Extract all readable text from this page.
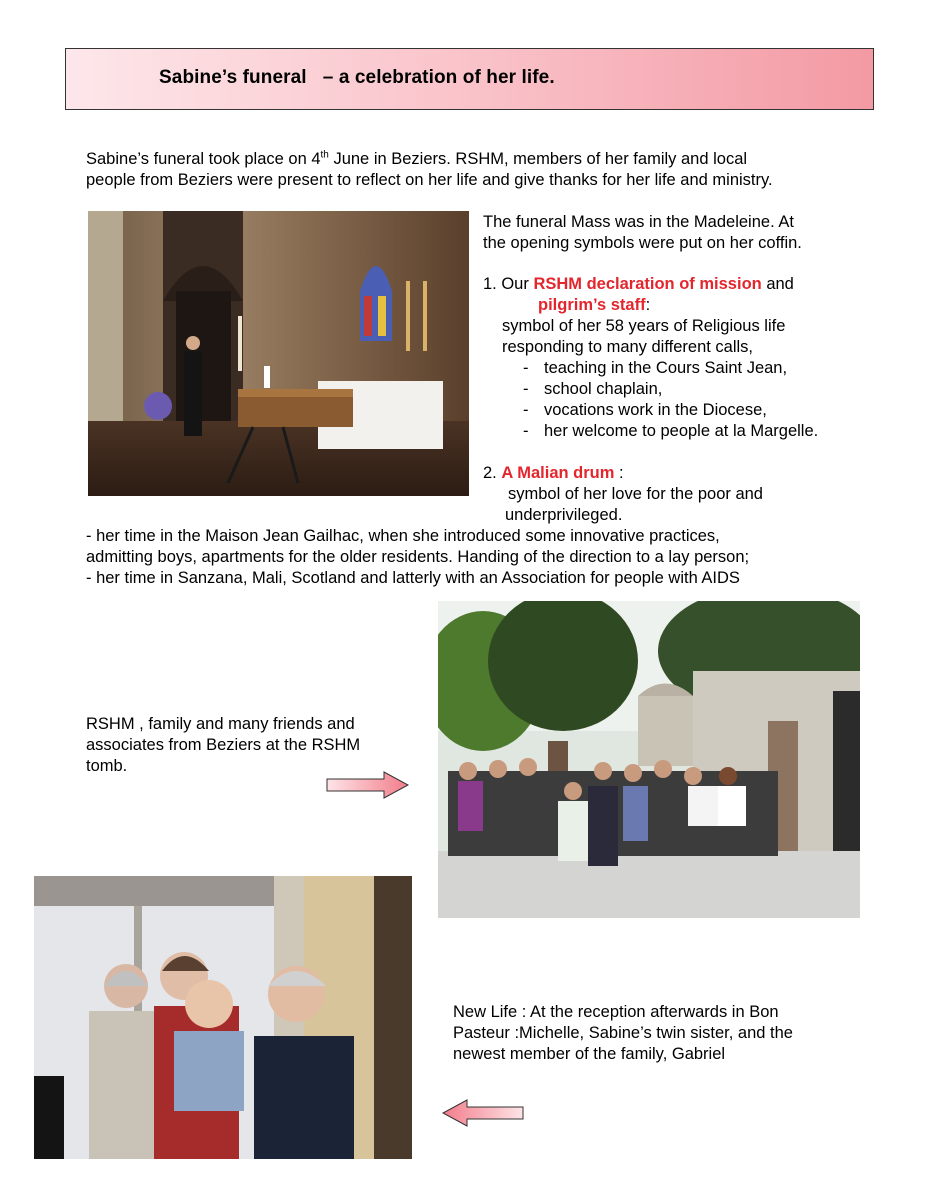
Sabine’s funeral   – a celebration of her life.

Sabine’s funeral took place on 4th June in Beziers. RSHM, members of her family and local

people from Beziers were present to reflect on her life and give thanks for her life and ministry.

The funeral Mass was in the Madeleine. At

the opening symbols were put on her coffin.

1. Our RSHM declaration of mission and

pilgrim’s staff:

symbol of her 58 years of Religious life

responding to many different calls,

- teaching in the Cours Saint Jean,

- school chaplain,

- vocations work in the Diocese,

- her welcome to people at la Margelle.

2. A Malian drum :

symbol of her love for the poor and

underprivileged.

- her time in the Maison Jean Gailhac, when she introduced some innovative practices,

admitting boys, apartments for the older residents. Handing of the direction to a lay person;

- her time in Sanzana, Mali, Scotland and latterly with an Association for people with AIDS

RSHM , family and many friends and

associates from Beziers at the RSHM

tomb.

New Life : At the reception afterwards in Bon

Pasteur :Michelle, Sabine’s twin sister, and the

newest member of the family, Gabriel
